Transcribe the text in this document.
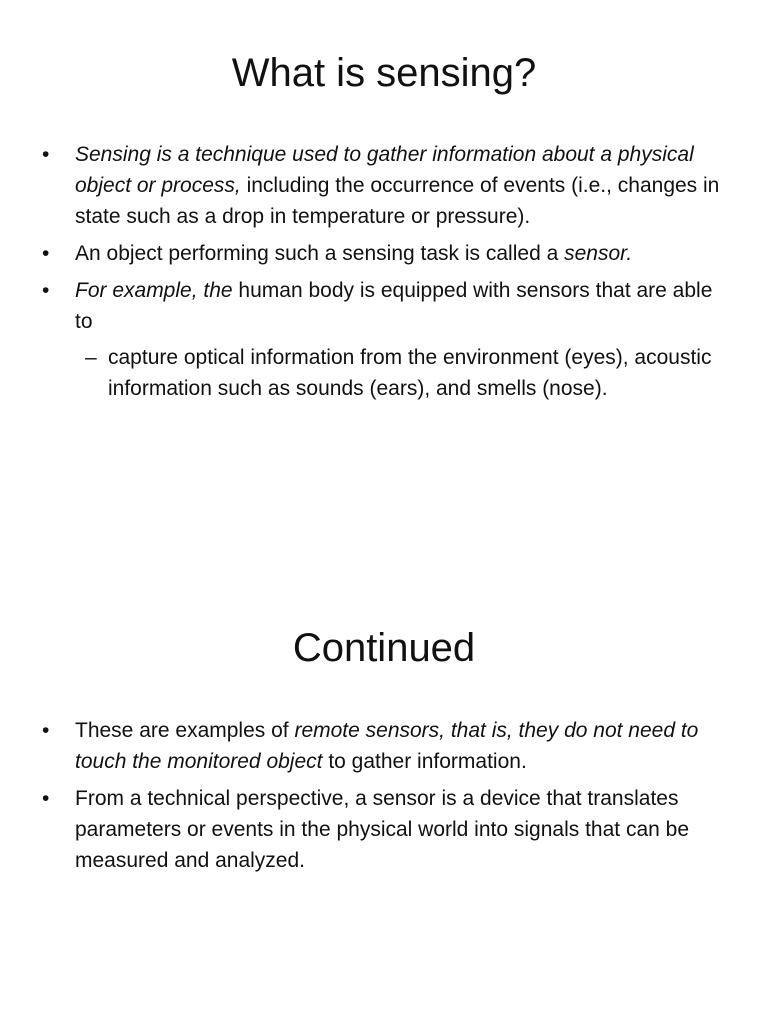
What is sensing?
• Sensing is a technique used to gather information about a physical object or process, including the occurrence of events (i.e., changes in state such as a drop in temperature or pressure).
• An object performing such a sensing task is called a sensor.
• For example, the human body is equipped with sensors that are able to
– capture optical information from the environment (eyes), acoustic information such as sounds (ears), and smells (nose).
Continued
• These are examples of remote sensors, that is, they do not need to touch the monitored object to gather information.
• From a technical perspective, a sensor is a device that translates parameters or events in the physical world into signals that can be measured and analyzed.
